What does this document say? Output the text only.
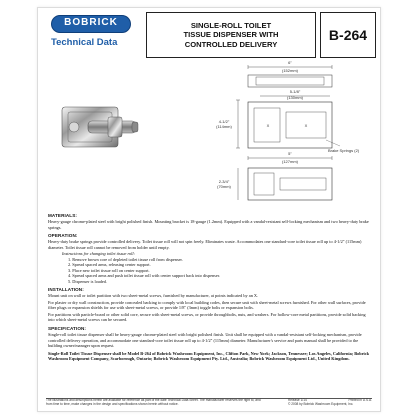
BOBRICK
Technical Data
SINGLE-ROLL TOILET
TISSUE DISPENSER WITH
CONTROLLED DELIVERY
B-264
6"
(152mm)
4-1/2"
(114mm)
5-1/8"
(130mm)
X	X
Brake Springs (2)
5"
(127mm)
2-3/4"
(70mm)
MATERIALS:
Heavy-gauge chrome-plated steel with bright polished finish. Mounting bracket is 18-gauge (1.2mm). Equipped with a vandal-resistant self-locking mechanism and two heavy-duty brake springs.
OPERATION:
Heavy-duty brake springs provide controlled delivery. Toilet tissue roll will not spin freely. Eliminates waste. Accommodates one standard-core toilet tissue roll up to 4-1/2" (115mm) diameter. Toilet tissue roll cannot be removed from holder until empty.
Instructions for changing toilet tissue roll:
1. Remove brown core of depleted toilet tissue roll from dispenser.
2. Spread spaced arms, releasing center support.
3. Place new toilet tissue roll on center support.
4. Spread spaced arms and push toilet tissue roll with center support back into dispenser.
5. Dispenser is loaded.
INSTALLATION:
Mount unit on wall or toilet partition with two sheet-metal screws, furnished by manufacturer, at points indicated by an X.
For plaster or dry wall construction, provide concealed backing to comply with local building codes, then secure unit with sheet-metal screws furnished. For other wall surfaces, provide fiber plugs or expansion shields for use with sheet-metal screws, or provide 1/8" (3mm) toggle bolts or expansion bolts.
For partitions with particle-board or other solid core, secure with sheet-metal screws, or provide throughbolts, nuts, and washers. For hollow-core metal partitions, provide solid backing into which sheet-metal screws can be secured.
SPECIFICATION:
Single-roll toilet tissue dispenser shall be heavy-gauge chrome-plated steel with bright polished finish. Unit shall be equipped with a vandal-resistant self-locking mechanism, provide controlled delivery operation, and accommodate one standard-core toilet tissue roll up to 4-1/2" (115mm) diameter. Manufacturer's service and parts manual shall be provided to the building owner/manager upon request.
Single-Roll Toilet Tissue Dispenser shall be Model B-264 of Bobrick Washroom Equipment, Inc., Clifton Park, New York; Jackson, Tennessee; Los Angeles, California; Bobrick Washroom Equipment Company, Scarborough, Ontario; Bobrick Washroom Equipment Pty. Ltd., Australia; Bobrick Washroom Equipment Ltd., United Kingdom.
The illustrations and descriptions herein are available for reference as part of the date Technical Data Sheet. The manufacturer reserves the right to, and from time to time, make changes in the design and specifications shown herein without notice.
Release 1/14	Printed in U.S.A.
© 2008 by Bobrick Washroom Equipment, Inc.
